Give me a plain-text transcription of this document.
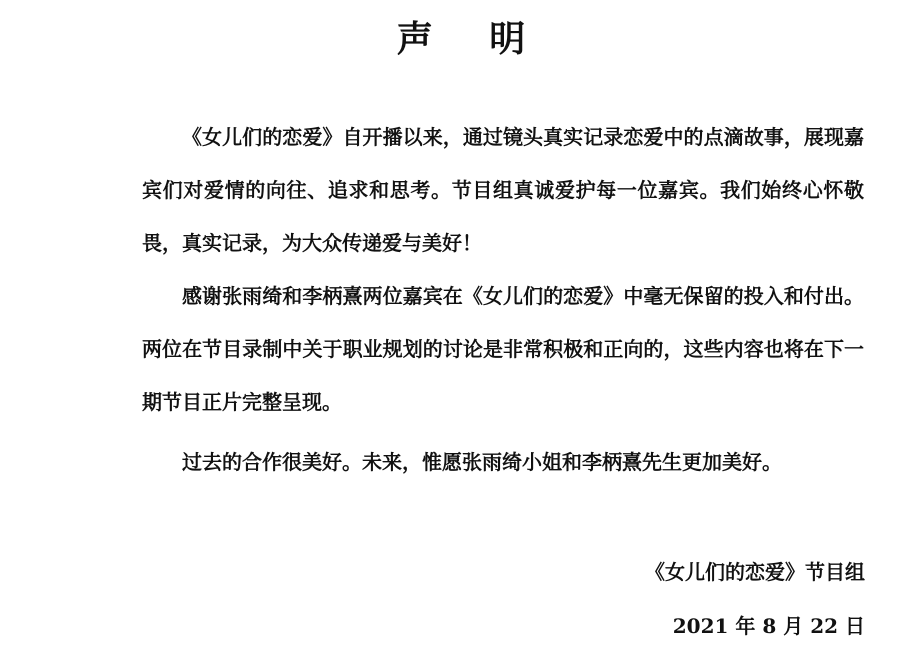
声 明

《女儿们的恋爱》自开播以来，通过镜头真实记录恋爱中的点滴故事，展现嘉宾们对爱情的向往、追求和思考。节目组真诚爱护每一位嘉宾。我们始终心怀敬畏，真实记录，为大众传递爱与美好！

感谢张雨绮和李柄熹两位嘉宾在《女儿们的恋爱》中毫无保留的投入和付出。两位在节目录制中关于职业规划的讨论是非常积极和正向的，这些内容也将在下一期节目正片完整呈现。

过去的合作很美好。未来，惟愿张雨绮小姐和李柄熹先生更加美好。

《女儿们的恋爱》节目组
2021 年 8 月 22 日
